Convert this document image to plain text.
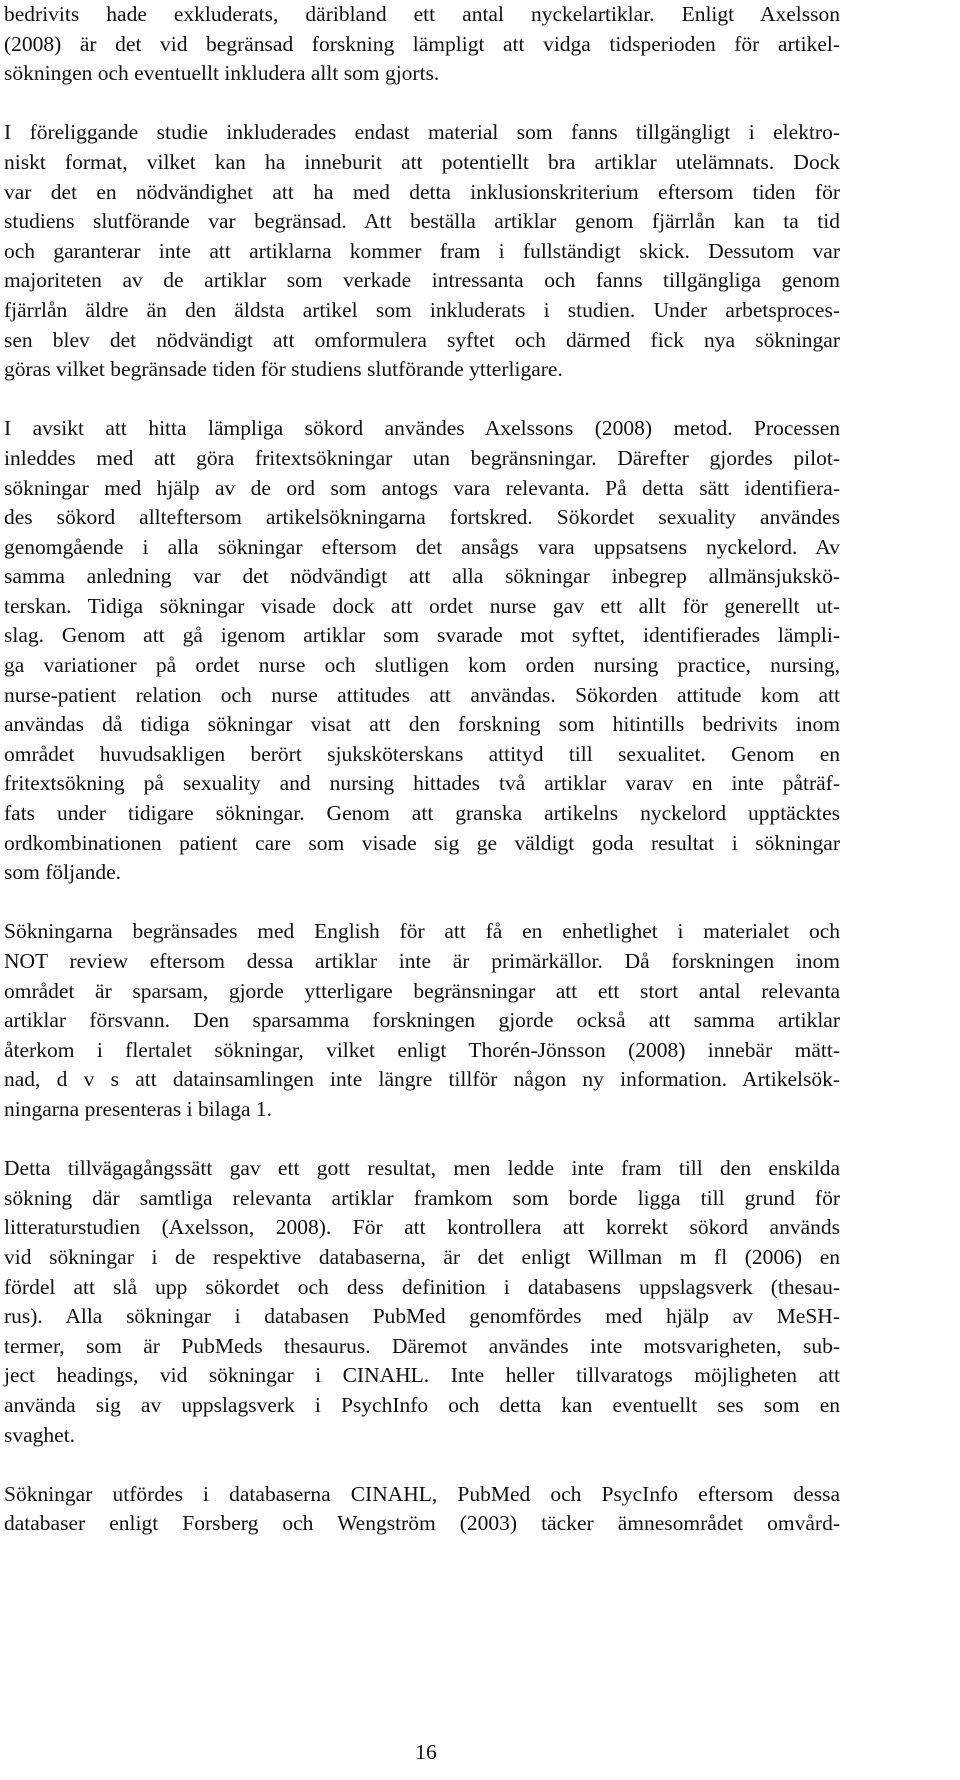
bedrivits hade exkluderats, däribland ett antal nyckelartiklar. Enligt Axelsson
(2008) är det vid begränsad forskning lämpligt att vidga tidsperioden för artikel-
sökningen och eventuellt inkludera allt som gjorts.
I föreliggande studie inkluderades endast material som fanns tillgängligt i elektro-
niskt format, vilket kan ha inneburit att potentiellt bra artiklar utelämnats. Dock
var det en nödvändighet att ha med detta inklusionskriterium eftersom tiden för
studiens slutförande var begränsad. Att beställa artiklar genom fjärrlån kan ta tid
och garanterar inte att artiklarna kommer fram i fullständigt skick. Dessutom var
majoriteten av de artiklar som verkade intressanta och fanns tillgängliga genom
fjärrlån äldre än den äldsta artikel som inkluderats i studien. Under arbetsproces-
sen blev det nödvändigt att omformulera syftet och därmed fick nya sökningar
göras vilket begränsade tiden för studiens slutförande ytterligare.
I avsikt att hitta lämpliga sökord användes Axelssons (2008) metod. Processen
inleddes med att göra fritextsökningar utan begränsningar. Därefter gjordes pilot-
sökningar med hjälp av de ord som antogs vara relevanta. På detta sätt identifiera-
des sökord allteftersom artikelsökningarna fortskred. Sökordet sexuality användes
genomgående i alla sökningar eftersom det ansågs vara uppsatsens nyckelord. Av
samma anledning var det nödvändigt att alla sökningar inbegrep allmänsjukskö-
terskan. Tidiga sökningar visade dock att ordet nurse gav ett allt för generellt ut-
slag. Genom att gå igenom artiklar som svarade mot syftet, identifierades lämpli-
ga variationer på ordet nurse och slutligen kom orden nursing practice, nursing,
nurse-patient relation och nurse attitudes att användas. Sökorden attitude kom att
användas då tidiga sökningar visat att den forskning som hitintills bedrivits inom
området huvudsakligen berört sjuksköterskans attityd till sexualitet. Genom en
fritextsökning på sexuality and nursing hittades två artiklar varav en inte påträf-
fats under tidigare sökningar. Genom att granska artikelns nyckelord upptäcktes
ordkombinationen patient care som visade sig ge väldigt goda resultat i sökningar
som följande.
Sökningarna begränsades med English för att få en enhetlighet i materialet och
NOT review eftersom dessa artiklar inte är primärkällor. Då forskningen inom
området är sparsam, gjorde ytterligare begränsningar att ett stort antal relevanta
artiklar försvann. Den sparsamma forskningen gjorde också att samma artiklar
återkom i flertalet sökningar, vilket enligt Thorén-Jönsson (2008) innebär mätt-
nad, d v s att datainsamlingen inte längre tillför någon ny information. Artikelsök-
ningarna presenteras i bilaga 1.
Detta tillvägagångssätt gav ett gott resultat, men ledde inte fram till den enskilda
sökning där samtliga relevanta artiklar framkom som borde ligga till grund för
litteraturstudien (Axelsson, 2008). För att kontrollera att korrekt sökord används
vid sökningar i de respektive databaserna, är det enligt Willman m fl (2006) en
fördel att slå upp sökordet och dess definition i databasens uppslagsverk (thesau-
rus). Alla sökningar i databasen PubMed genomfördes med hjälp av MeSH-
termer, som är PubMeds thesaurus. Däremot användes inte motsvarigheten, sub-
ject headings, vid sökningar i CINAHL. Inte heller tillvaratogs möjligheten att
använda sig av uppslagsverk i PsychInfo och detta kan eventuellt ses som en
svaghet.
Sökningar utfördes i databaserna CINAHL, PubMed och PsycInfo eftersom dessa
databaser enligt Forsberg och Wengström (2003) täcker ämnesområdet omvård-
16
